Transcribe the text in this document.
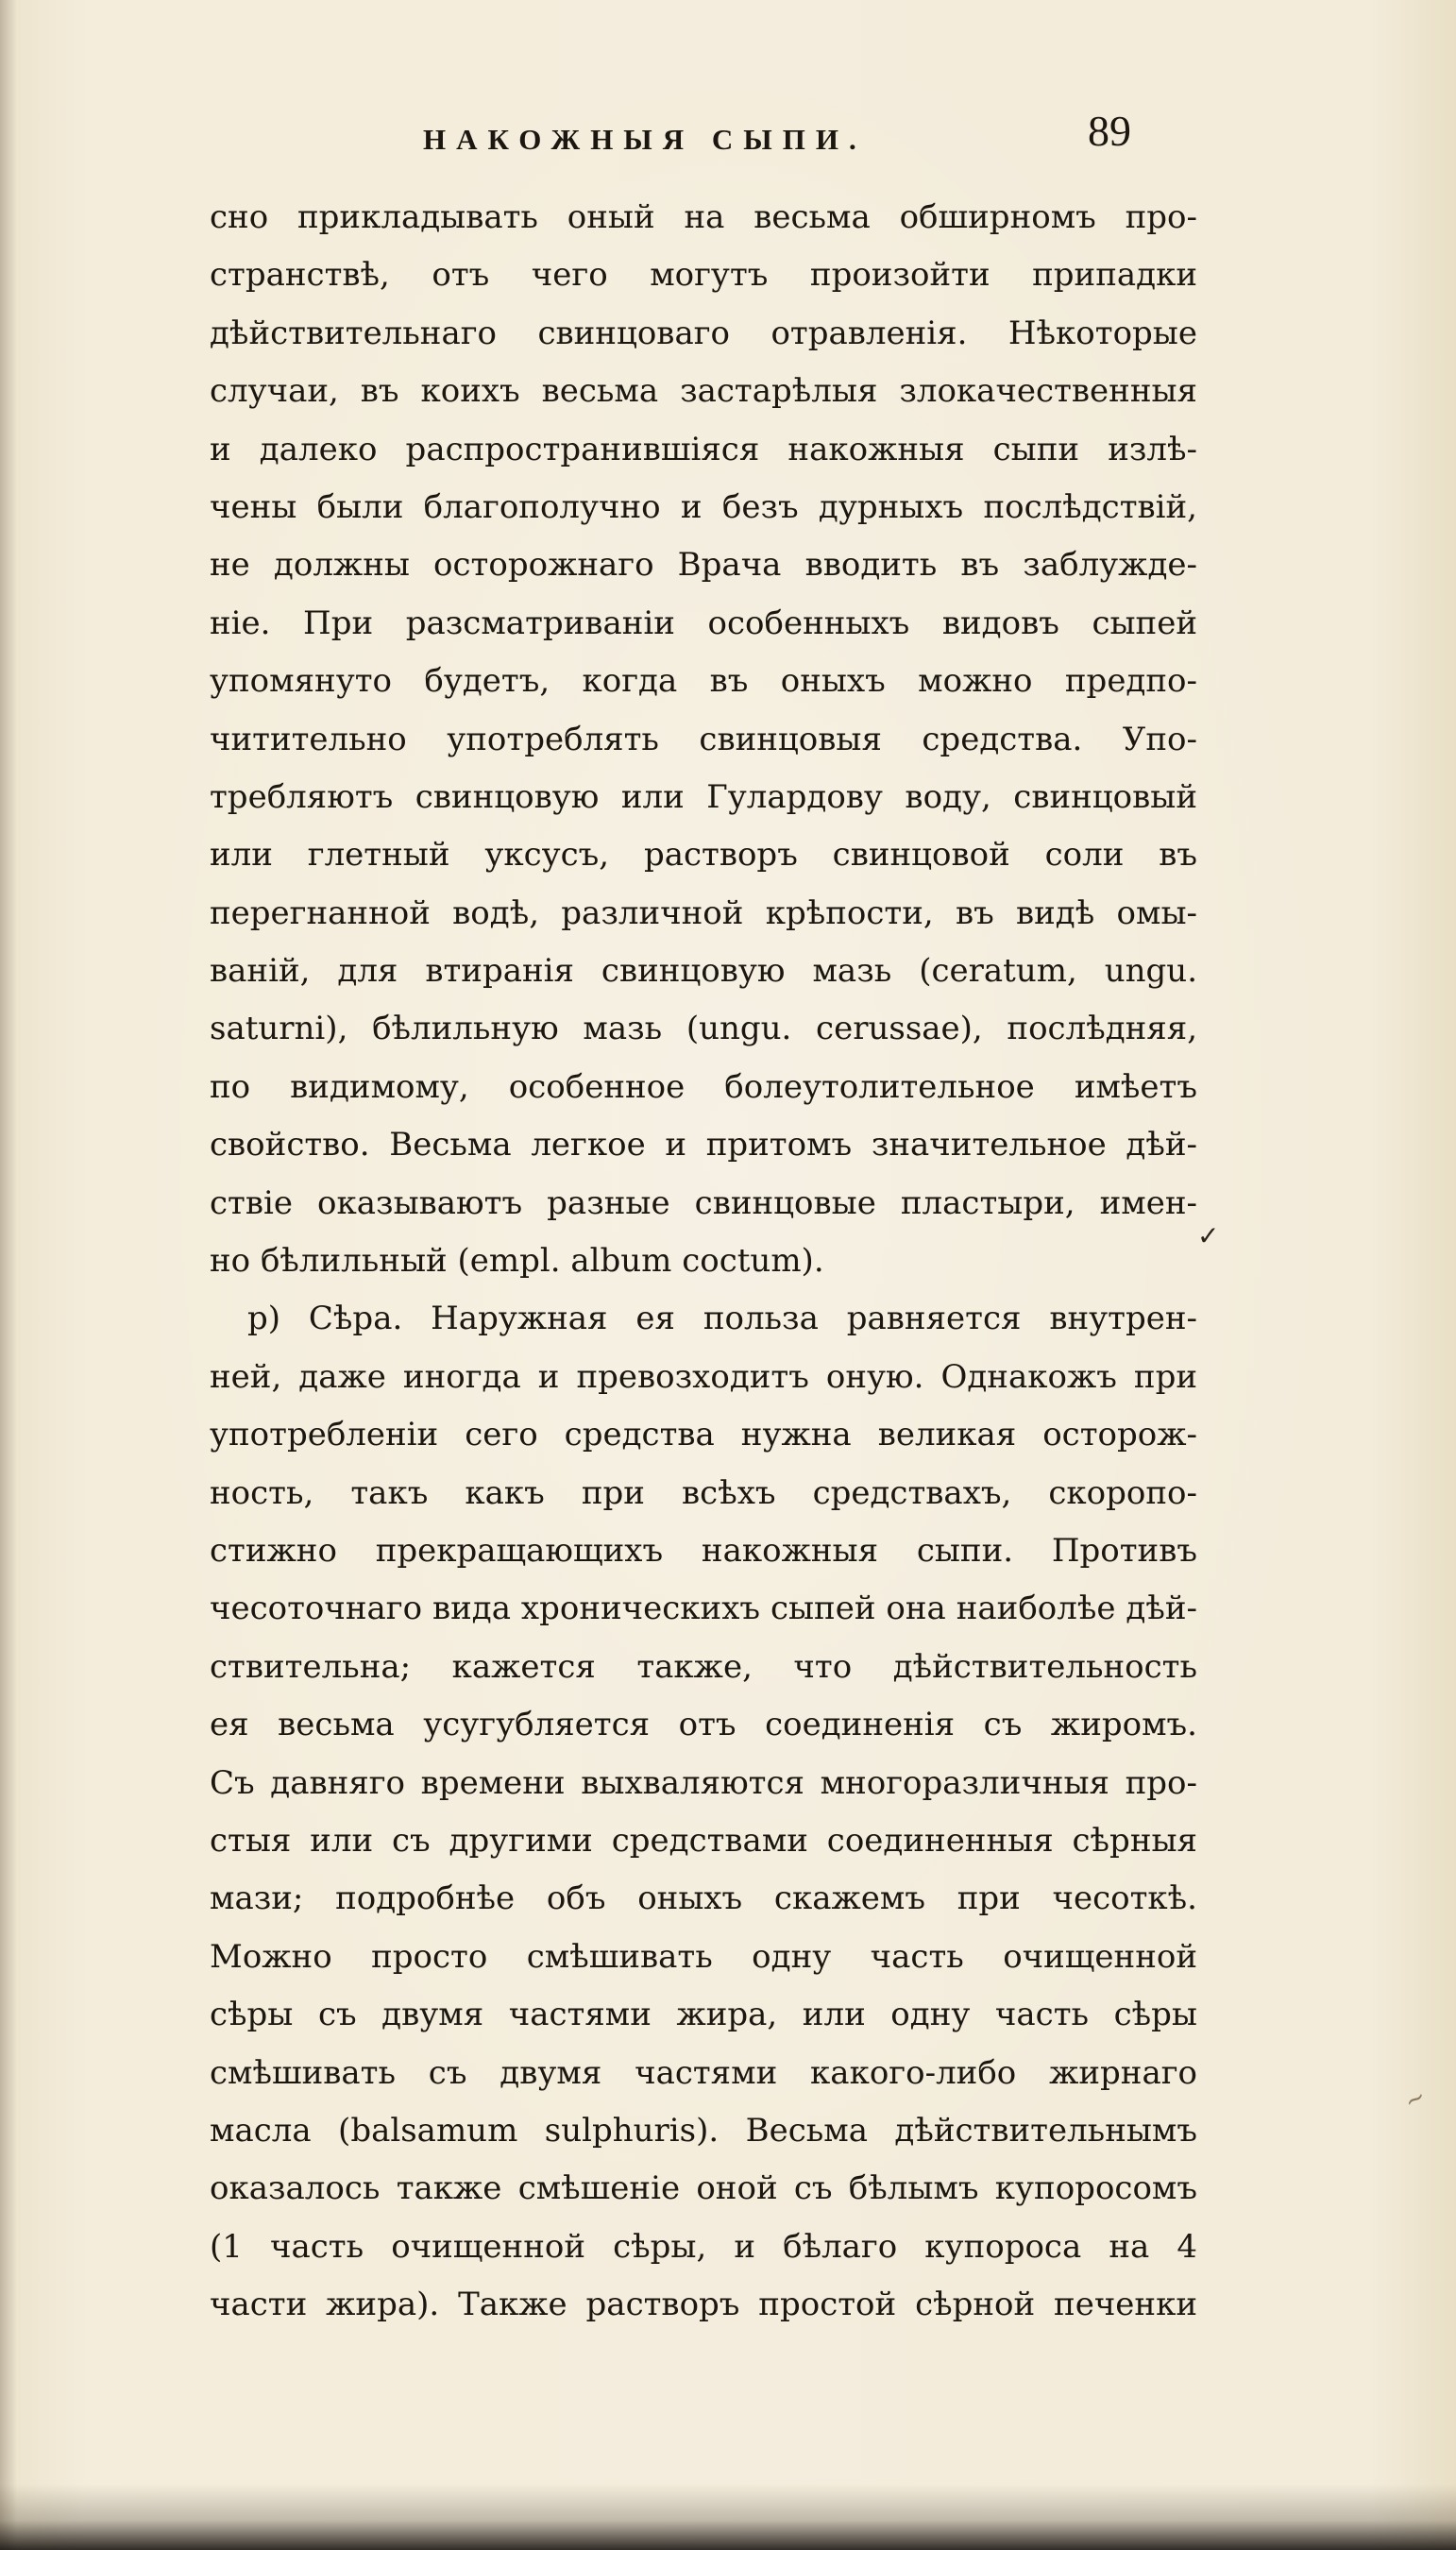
НАКОЖНЫЯ СЫПИ.	89
сно прикладывать оный на весьма обширномъ про-
странствѣ, отъ чего могутъ произойти припадки
дѣйствительнаго свинцоваго отравленія. Нѣкоторые
случаи, въ коихъ весьма застарѣлыя злокачественныя
и далеко распространившіяся накожныя сыпи излѣ-
чены были благополучно и безъ дурныхъ послѣдствій,
не должны осторожнаго Врача вводить въ заблужде-
ніе. При разсматриваніи особенныхъ видовъ сыпей
упомянуто будетъ, когда въ оныхъ можно предпо-
читительно употреблять свинцовыя средства. Упо-
требляютъ свинцовую или Гулардову воду, свинцовый
или глетный уксусъ, растворъ свинцовой соли въ
перегнанной водѣ, различной крѣпости, въ видѣ омы-
ваній, для втиранія свинцовую мазь (ceratum, ungu.
saturni), бѣлильную мазь (ungu. cerussae), послѣдняя,
по видимому, особенное болеутолительное имѣетъ
свойство. Весьма легкое и притомъ значительное дѣй-
ствіе оказываютъ разные свинцовые пластыри, имен-
но бѣлильный (empl. album coctum).
р) Сѣра. Наружная ея польза равняется внутрен-
ней, даже иногда и превозходитъ оную. Однакожъ при
употребленіи сего средства нужна великая осторож-
ность, такъ какъ при всѣхъ средствахъ, скоропо-
стижно прекращающихъ накожныя сыпи. Противъ
чесоточнаго вида хроническихъ сыпей она наиболѣе дѣй-
ствительна; кажется также, что дѣйствительность
ея весьма усугубляется отъ соединенія съ жиромъ.
Съ давняго времени выхваляются многоразличныя про-
стыя или съ другими средствами соединенныя сѣрныя
мази; подробнѣе объ оныхъ скажемъ при чесоткѣ.
Можно просто смѣшивать одну часть очищенной
сѣры съ двумя частями жира, или одну часть сѣры
смѣшивать съ двумя частями какого-либо жирнаго
масла (balsamum sulphuris). Весьма дѣйствительнымъ
оказалось также смѣшеніе оной съ бѣлымъ купоросомъ
(1 часть очищенной сѣры, и бѣлаго купороса на 4
части жира). Также растворъ простой сѣрной печенки
✓
~
